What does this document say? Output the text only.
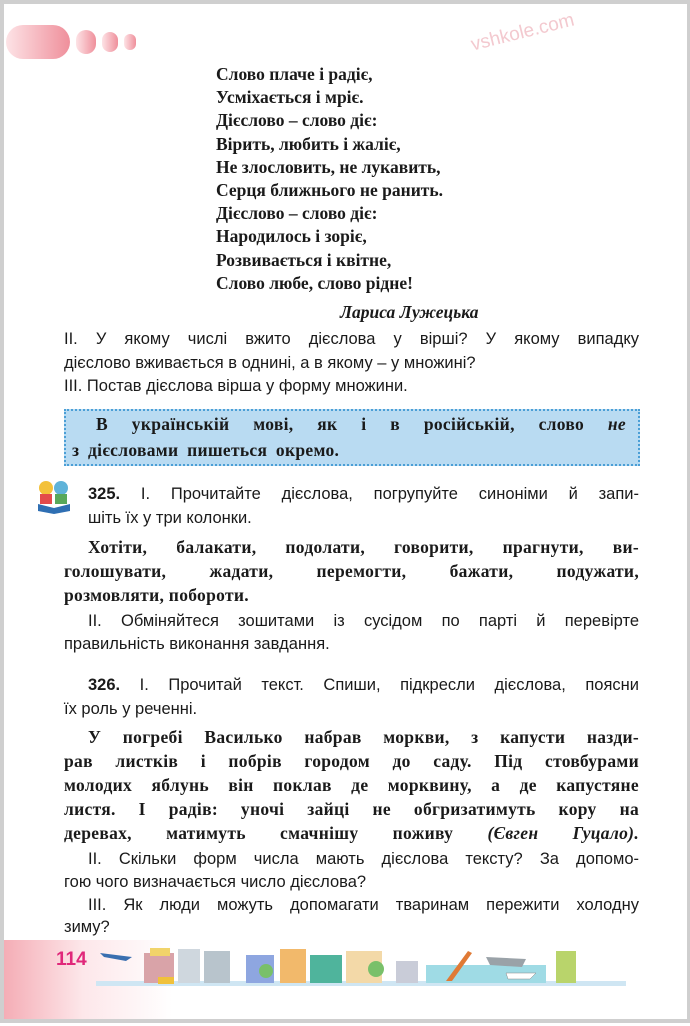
vshkole.com
Слово плаче і радіє,
Усміхається і мріє.
Дієслово – слово діє:
Вірить, любить і жаліє,
Не злословить, не лукавить,
Серця ближнього не ранить.
Дієслово – слово діє:
Народилось і зоріє,
Розвивається і квітне,
Слово любе, слово рідне!
Лариса Лужецька
II. У якому числі вжито дієслова у вірші? У якому випадку
дієслово вживається в однині, а в якому – у множині?
III. Постав дієслова вірша у форму множини.
В українській мові, як і в російській, слово не
з дієсловами пишеться окремо.
325. I. Прочитайте дієслова, погрупуйте синоніми й запи-
шіть їх у три колонки.
Хотіти, балакати, подолати, говорити, прагнути, ви-
голошувати, жадати, перемогти, бажати, подужати,
розмовляти, побороти.
II. Обміняйтеся зошитами із сусідом по парті й перевірте
правильність виконання завдання.
326. I. Прочитай текст. Спиши, підкресли дієслова, поясни
їх роль у реченні.
У погребі Василько набрав моркви, з капусти назди-
рав листків і побрів городом до саду. Під стовбурами
молодих яблунь він поклав де морквину, а де капустяне
листя. І радів: уночі зайці не обгризатимуть кору на
деревах, матимуть смачнішу поживу (Євген Гуцало).
II. Скільки форм числа мають дієслова тексту? За допомо-
гою чого визначається число дієслова?
III. Як люди можуть допомагати тваринам пережити холодну
зиму?
114
